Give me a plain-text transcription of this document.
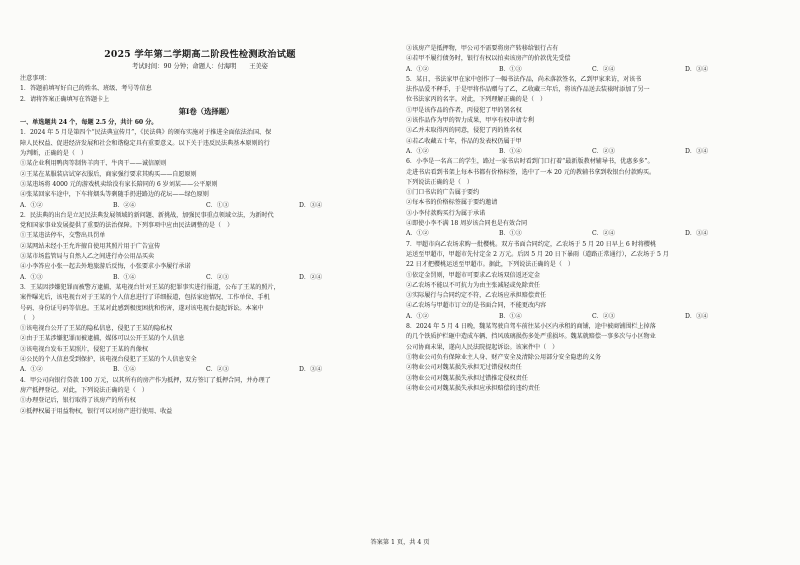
2025 学年第二学期高二阶段性检测政治试题
考试时间：90 分钟；命题人：付海明　　王美姿
注意事项：
1．答题前填写好自己的姓名、班级、考号等信息
2．请将答案正确填写在答题卡上
第Ⅰ卷（选择题）
一、单选题共 24 个，每题 2.5 分，共计 60 分。
1．2024 年 5 月是第四个“民法典宣传月”，《民法典》的颁布实施对于推进全面依法治国、保
障人民权益、促进经济发展和社会和谐稳定具有重要意义。以下关于违反民法典基本原则的行
为判断，正确的是（　）
①某企业利用鸭肉等制售羊肉干、牛肉干——诚信原则
②王某在某服装店试穿衣服后，商家强行要求其购买——自愿原则
③某违场将 4000 元的游戏机卖给没有家长陪同的 6 岁刘某——公平原则
④张某回家车途中，下车将烟头等剩随手扔进路边的花坛——绿色原则
A．①②	B．②④	C．①③	D．③④
2．民法典的出台是立足民法典发展领域的新问题、新挑战，加强民事重点领域立法，为新时代
党和国家事业发展提供了重要的法治保障。下列事项中应由民法调整的是（　）
①王某违法停车，交警出具罚单
②某网站未经小王允许擅自使用其照片用于广告宣传
③某市场监管局与自然人乙之间进行办公用品买卖
④小李答应小张一起去外地旅游后反悔，小张要求小李履行承诺
A．①③	B．①④	C．②③	D．②④
3．王某因涉嫌犯罪而被警方逮捕，某电视台针对王某的犯罪事实进行报道，公布了王某的照片，
案件曝光后，该电视台对于王某的个人信息进行了详细报道，包括家庭情况、工作单位、手机
号码、身份证号码等信息。王某对此感到极度困扰和伤害，遂对该电视台提起诉讼。本案中
（　）
①该电视台公开了王某的隐私信息，侵犯了王某的隐私权
②由于王某涉嫌犯罪而被逮捕，媒体可以公开王某的个人信息
③该电视台发布王某照片，侵犯了王某的肖像权
④公民的个人信息受到保护，该电视台侵犯了王某的个人信息安全
A．①②	B．①④	C．②③	D．③④
4．甲公司向银行贷款 100 万元，以其所有的房产作为抵押，双方签订了抵押合同，并办理了
房产抵押登记。对此，下列说法正确的是（　）
①办理登记后，银行取得了该房产的所有权
②抵押权属于用益物权，银行可以对房产进行使用、收益
③该房产是抵押物，甲公司不需要将房产转移给银行占有
④若甲不履行债务时，银行有权以拍卖该房产的价款优先受偿
A．①②	B．①③	C．②④	D．③④
5．某日，书法家甲在家中创作了一幅书法作品，尚未落款签名，乙到甲家来访，对该书
法作品爱不释手，于是甲将作品赠与了乙，乙收藏三年后，将该作品送去装裱时添加了另一
位书法家丙的名字。对此，下列理解正确的是（　）
①甲是该作品的作者，丙侵犯了甲的署名权
②该作品作为甲的智力成果，甲享有权申请专利
③乙并未取得丙的同意，侵犯了丙的姓名权
④若乙收藏五十年，作品的发表权仍属于甲
A．①②	B．①④	C．②③	D．③④
6．小李是一名高二的学生，路过一家书店时看到门口打着“最新版教材辅导书，优惠多多”。
走进书店看到书架上每本书都有价格标签，选中了一本 20 元的教辅书拿到收银台付款购买。
下列说法正确的是（　）
①门口书店的广告属于要约
②每本书的价格标签属于要约邀请
③小李付款购买行为属于承诺
④即使小李不满 18 周岁该合同也是有效合同
A．①②	B．①③	C．②④	D．③④
7．甲超市向乙农场求购一批樱桃。双方书面合同约定，乙农场于 5 月 20 日早上 6 时将樱桃
运送至甲超市，甲超市先付定金 2 万元。后因 5 月 20 日下暴雨（道路正常通行），乙农场于 5 月
22 日才把樱桃运送至甲超市。据此，下列说法正确的是（　）
①依定金罚则，甲超市可要求乙农场双倍返还定金
②乙农场不能以不可抗力为由主张减轻或免除责任
③实际履行与合同约定不符，乙农场应承担赔偿责任
④乙农场与甲超市订立的是书面合同，不能更改内容
A．①②	B．①④	C．②③	D．③④
8．2024 年 5 月 4 日晚，魏某驾驶自驾车前往某小区内承租的商铺，途中被商铺围栏上掉落
的几个铁质护栏砸中造成车辆、挡风玻璃损伤多处严重损坏。魏某就赔偿一事多次与小区物业
公司协商未果，遂向人民法院提起诉讼。该案件中（　）
①物业公司负有保障业主人身、财产安全及清除公用部分安全隐患的义务
②物业公司对魏某损失承担无过错侵权责任
③物业公司对魏某损失承担过错推定侵权责任
④物业公司对魏某损失承担应承担赔偿的违约责任
答案第 1 页，共 4 页
